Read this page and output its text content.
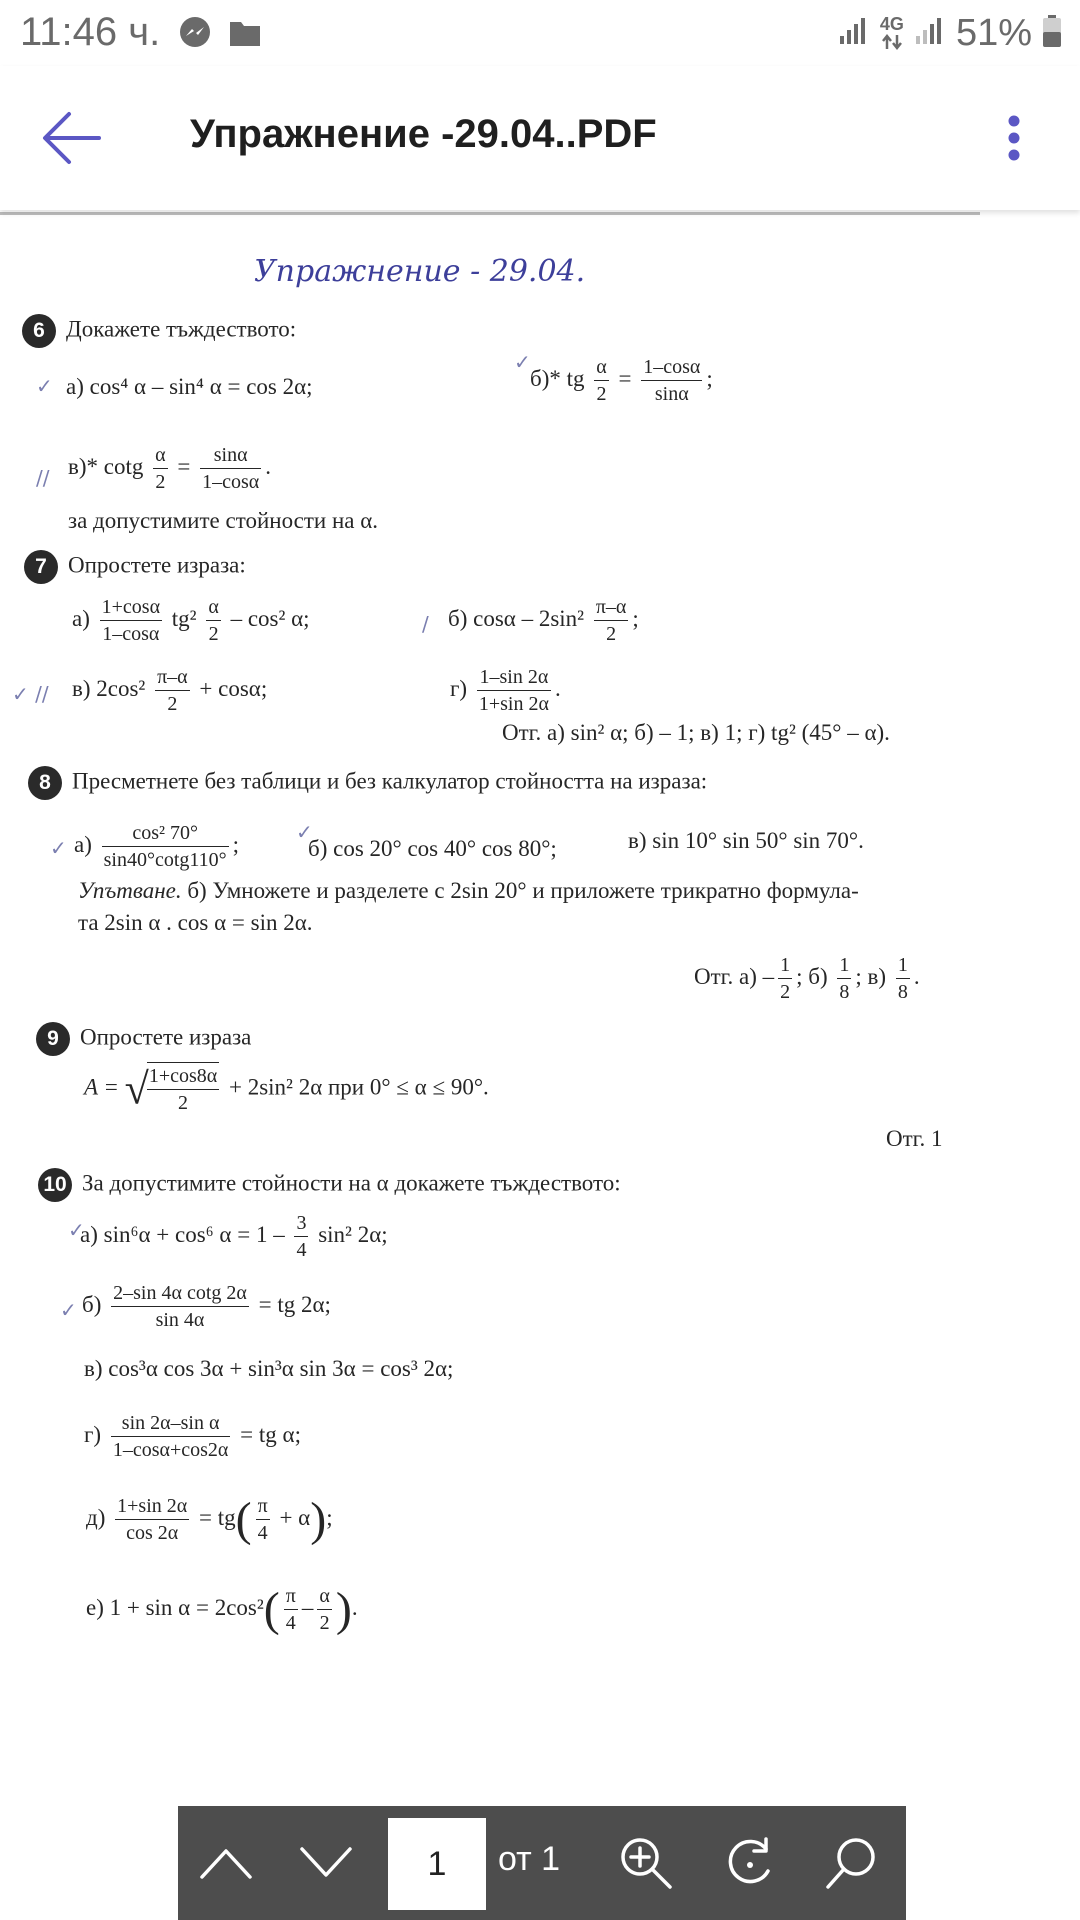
11:46 ч.	4G 51%
Упражнение -29.04..PDF
Упражнение - 29.04.
6 Докажете тъждеството:
✓ а) cos⁴ α – sin⁴ α = cos 2α;
✓
б)* tg $\frac{\alpha}{2} = \frac{1-\cos\alpha}{\sin\alpha}$ ;
// в)* cotg $\frac{\alpha}{2} = \frac{\sin\alpha}{1-\cos\alpha}$ .
за допустимите стойности на α.
7 Опростете израза:
$а) \frac{1+\cos\alpha}{1-\cos\alpha} tg^2 \frac{\alpha}{2} - \cos^2$ α;	/ б) cosα – $2\sin^2 \frac{\pi-\alpha}{2}$ ;
✓ // в) $2\cos^2 \frac{\pi-\alpha}{2} + \cos\alpha$;	$г) \frac{1-\sin 2\alpha}{1+\sin 2\alpha}$ .
Отг. а) sin² α; б) – 1; в) 1; г) tg² (45° – α).
8 Пресметнете без таблици и без калкулатор стойността на израза:
✓ $а) \frac{\text{cos² 70°}}{\sin 40^\circ\cot g110^\circ}$ ;	✓
б) cos 20° cos 40° cos 80°;	в) sin 10° sin 50° sin 70°.
Упътване. б) Умножете и разделете с 2sin 20° и приложете трикратно формула-
та 2sin α . cos α = sin 2α.
Отг. $а) - \frac{1}{2}$ ; $б) \frac{1}{8}$ ; $в) \frac{1}{8}$ .
9 Опростете израза
A = √
$\frac{1+\cos 8\alpha}{2} + 2\sin^2$ 2α при 0° ≤ α ≤ 90°.
Отг. 1
10 За допустимите стойности на α докажете тъждеството:
✓
а) sin⁶α + cos⁶ $\alpha = 1 - \frac{3}{4} \sin^2$ 2α;
✓ $б) \frac{\text{2–sin 4α cotg 2α}}{\sin 4\alpha}$ = tg 2α;
в) cos³α cos 3α + sin³α sin 3α = cos³ 2α;
$г) \frac{\text{sin 2α–sin α}}{1-\cos\alpha+\cos 2\alpha}$ = tg α;
$д) \frac{1+\sin 2\alpha}{\cos 2\alpha} = tg( \frac{\pi}{4} + \alpha)$;
е) $1 + \sin \alpha = 2\cos^2( \frac{\pi}{4} - \frac{\alpha}{2}$ ).
1
от 1
